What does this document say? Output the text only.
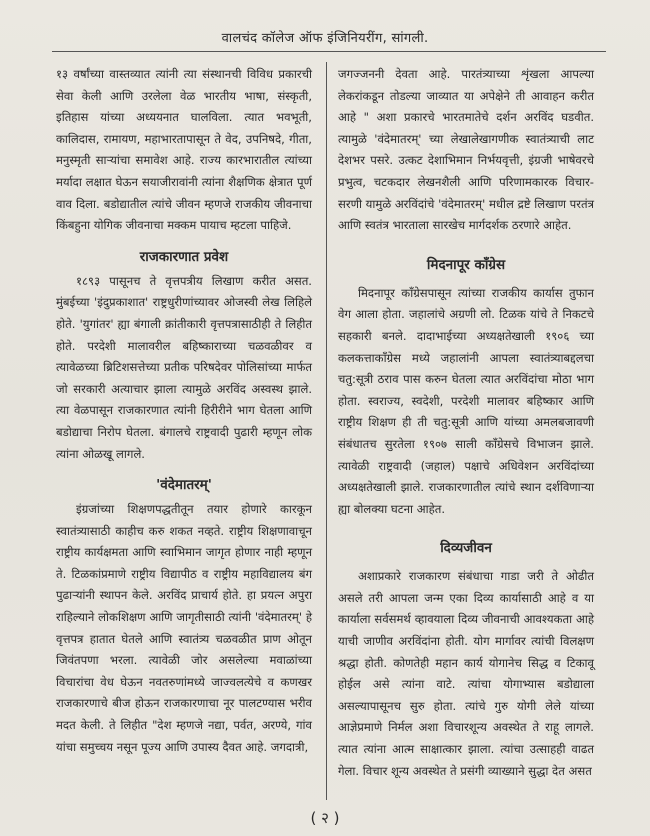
वालचंद कॉलेज ऑफ इंजिनियरींग, सांगली.

१३ वर्षांच्या वास्तव्यात त्यांनी त्या संस्थानची विविध प्रकारची सेवा केली आणि उरलेला वेळ भारतीय भाषा, संस्कृती, इतिहास यांच्या अध्ययनात घालविला. त्यात भवभूती, कालिदास, रामायण, महाभारतापासून ते वेद, उपनिषदे, गीता, मनुस्मृती साऱ्यांचा समावेश आहे. राज्य कारभारातील त्यांच्या मर्यादा लक्षात घेऊन सयाजीरावांनी त्यांना शैक्षणिक क्षेत्रात पूर्ण वाव दिला. बडोद्यातील त्यांचे जीवन म्हणजे राजकीय जीवनाचा किंबहुना योगिक जीवनाचा मक्कम पायाच म्हटला पाहिजे.

राजकारणात प्रवेश

१८९३ पासूनच ते वृत्तपत्रीय लिखाण करीत असत. मुंबईच्या 'इंदुप्रकाशात' राष्ट्रधुरीणांच्यावर ओजस्वी लेख लिहिले होते. 'युगांतर' ह्या बंगाली क्रांतीकारी वृत्तपत्रासाठीही ते लिहीत होते. परदेशी मालावरील बहिष्काराच्या चळवळीवर व त्यावेळच्या ब्रिटिशसत्तेच्या प्रतीक परिषदेवर पोलिसांच्या मार्फत जो सरकारी अत्याचार झाला त्यामुळे अरविंद अस्वस्थ झाले. त्या वेळपासून राजकारणात त्यांनी हिरीरीने भाग घेतला आणि बडोद्याचा निरोप घेतला. बंगालचे राष्ट्रवादी पुढारी म्हणून लोक त्यांना ओळखू लागले.

'वंदेमातरम्'

इंग्रजांच्या शिक्षणपद्धतीतून तयार होणारे कारकून स्वातंत्र्यासाठी काहीच करु शकत नव्हते. राष्ट्रीय शिक्षणावाचून राष्ट्रीय कार्यक्षमता आणि स्वाभिमान जागृत होणार नाही म्हणून ते. टिळकांप्रमाणे राष्ट्रीय विद्यापीठ व राष्ट्रीय महाविद्यालय बंग पुढाऱ्यांनी स्थापन केले. अरविंद प्राचार्य होते. हा प्रयत्न अपुरा राहिल्याने लोकशिक्षण आणि जागृतीसाठी त्यांनी 'वंदेमातरम्' हे वृत्तपत्र हातात घेतले आणि स्वातंत्र्य चळवळीत प्राण ओतून जिवंतपणा भरला. त्यावेळी जोर असलेल्या मवाळांच्या विचारांचा वेध घेऊन नवतरुणांमध्ये जाज्वलत्येचे व कणखर राजकारणाचे बीज होऊन राजकारणाचा नूर पालटण्यास भरीव मदत केली. ते लिहीत "देश म्हणजे नद्या, पर्वत, अरण्ये, गांव यांचा समुच्चय नसून पूज्य आणि उपास्य दैवत आहे. जगदात्री,

जगज्जननी देवता आहे. पारतंत्र्याच्या शृंखला आपल्या लेकरांकडून तोडल्या जाव्यात या अपेक्षेने ती आवाहन करीत आहे " अशा प्रकारचे भारतमातेचे दर्शन अरविंद घडवीत. त्यामुळे 'वंदेमातरम्' च्या लेखालेखागणीक स्वातंत्र्याची लाट देशभर पसरे. उत्कट देशाभिमान निर्भयवृत्ती, इंग्रजी भाषेवरचे प्रभुत्व, चटकदार लेखनशैली आणि परिणामकारक विचार-सरणी यामुळे अरविंदांचे 'वंदेमातरम्' मधील द्रष्टे लिखाण परतंत्र आणि स्वतंत्र भारताला सारखेच मार्गदर्शक ठरणारे आहेत.

मिदनापूर कॉंग्रेस

मिदनापूर कॉंग्रेसपासून त्यांच्या राजकीय कार्यास तुफान वेग आला होता. जहालांचे अग्रणी लो. टिळक यांचे ते निकटचे सहकारी बनले. दादाभाईच्या अध्यक्षतेखाली १९०६ च्या कलकत्ताकॉंग्रेस मध्ये जहालांनी आपला स्वातंत्र्याबद्दलचा चतु:सूत्री ठराव पास करुन घेतला त्यात अरविंदांचा मोठा भाग होता. स्वराज्य, स्वदेशी, परदेशी मालावर बहिष्कार आणि राष्ट्रीय शिक्षण ही ती चतु:सूत्री आणि यांच्या अमलबजावणी संबंधातच सुरतेला १९०७ साली कॉंग्रेसचे विभाजन झाले. त्यावेळी राष्ट्रवादी (जहाल) पक्षाचे अधिवेशन अरविंदांच्या अध्यक्षतेखाली झाले. राजकारणातील त्यांचे स्थान दर्शविणाऱ्या ह्या बोलक्या घटना आहेत.

दिव्यजीवन

अशाप्रकारे राजकारण संबंधाचा गाडा जरी ते ओढीत असले तरी आपला जन्म एका दिव्य कार्यासाठी आहे व या कार्याला सर्वसमर्थ व्हावयाला दिव्य जीवनाची आवश्यकता आहे याची जाणीव अरविंदांना होती. योग मार्गावर त्यांची विलक्षण श्रद्धा होती. कोणतेही महान कार्य योगानेच सिद्ध व टिकावू होईल असे त्यांना वाटे. त्यांचा योगाभ्यास बडोद्याला असल्यापासूनच सुरु होता. त्यांचे गुरु योगी लेले यांच्या आज्ञेप्रमाणे निर्मल अशा विचारशून्य अवस्थेत ते राहू लागले. त्यात त्यांना आत्म साक्षात्कार झाला. त्यांचा उत्साहही वाढत गेला. विचार शून्य अवस्थेत ते प्रसंगी व्याख्याने सुद्धा देत असत

( २ )
